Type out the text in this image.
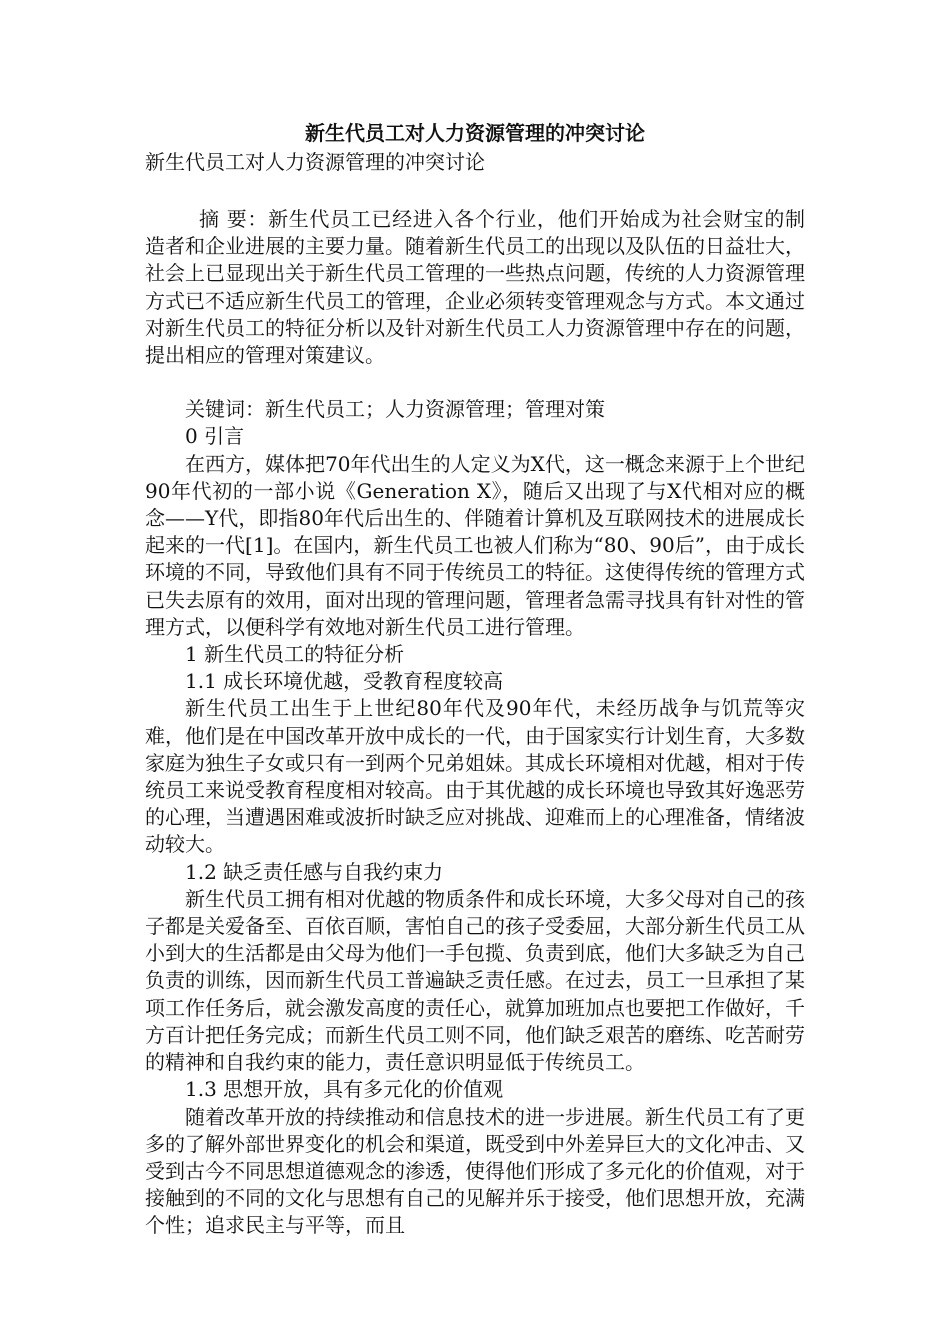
新生代员工对人力资源管理的冲突讨论

新生代员工对人力资源管理的冲突讨论

摘 要：新生代员工已经进入各个行业，他们开始成为社会财宝的制造者和企业进展的主要力量。随着新生代员工的出现以及队伍的日益壮大，社会上已显现出关于新生代员工管理的一些热点问题，传统的人力资源管理方式已不适应新生代员工的管理，企业必须转变管理观念与方式。本文通过对新生代员工的特征分析以及针对新生代员工人力资源管理中存在的问题，提出相应的管理对策建议。

关键词：新生代员工；人力资源管理；管理对策

0 引言

在西方，媒体把70年代出生的人定义为X代，这一概念来源于上个世纪90年代初的一部小说《Generation X》，随后又出现了与X代相对应的概念——Y代，即指80年代后出生的、伴随着计算机及互联网技术的进展成长起来的一代[1]。在国内，新生代员工也被人们称为“80、90后”，由于成长环境的不同，导致他们具有不同于传统员工的特征。这使得传统的管理方式已失去原有的效用，面对出现的管理问题，管理者急需寻找具有针对性的管理方式，以便科学有效地对新生代员工进行管理。

1 新生代员工的特征分析

1.1 成长环境优越，受教育程度较高

新生代员工出生于上世纪80年代及90年代，未经历战争与饥荒等灾难，他们是在中国改革开放中成长的一代，由于国家实行计划生育，大多数家庭为独生子女或只有一到两个兄弟姐妹。其成长环境相对优越，相对于传统员工来说受教育程度相对较高。由于其优越的成长环境也导致其好逸恶劳的心理，当遭遇困难或波折时缺乏应对挑战、迎难而上的心理准备，情绪波动较大。

1.2 缺乏责任感与自我约束力

新生代员工拥有相对优越的物质条件和成长环境，大多父母对自己的孩子都是关爱备至、百依百顺，害怕自己的孩子受委屈，大部分新生代员工从小到大的生活都是由父母为他们一手包揽、负责到底，他们大多缺乏为自己负责的训练，因而新生代员工普遍缺乏责任感。在过去，员工一旦承担了某项工作任务后，就会激发高度的责任心，就算加班加点也要把工作做好，千方百计把任务完成；而新生代员工则不同，他们缺乏艰苦的磨练、吃苦耐劳的精神和自我约束的能力，责任意识明显低于传统员工。

1.3 思想开放，具有多元化的价值观

随着改革开放的持续推动和信息技术的进一步进展。新生代员工有了更多的了解外部世界变化的机会和渠道，既受到中外差异巨大的文化冲击、又受到古今不同思想道德观念的渗透，使得他们形成了多元化的价值观，对于接触到的不同的文化与思想有自己的见解并乐于接受，他们思想开放，充满个性；追求民主与平等，而且
